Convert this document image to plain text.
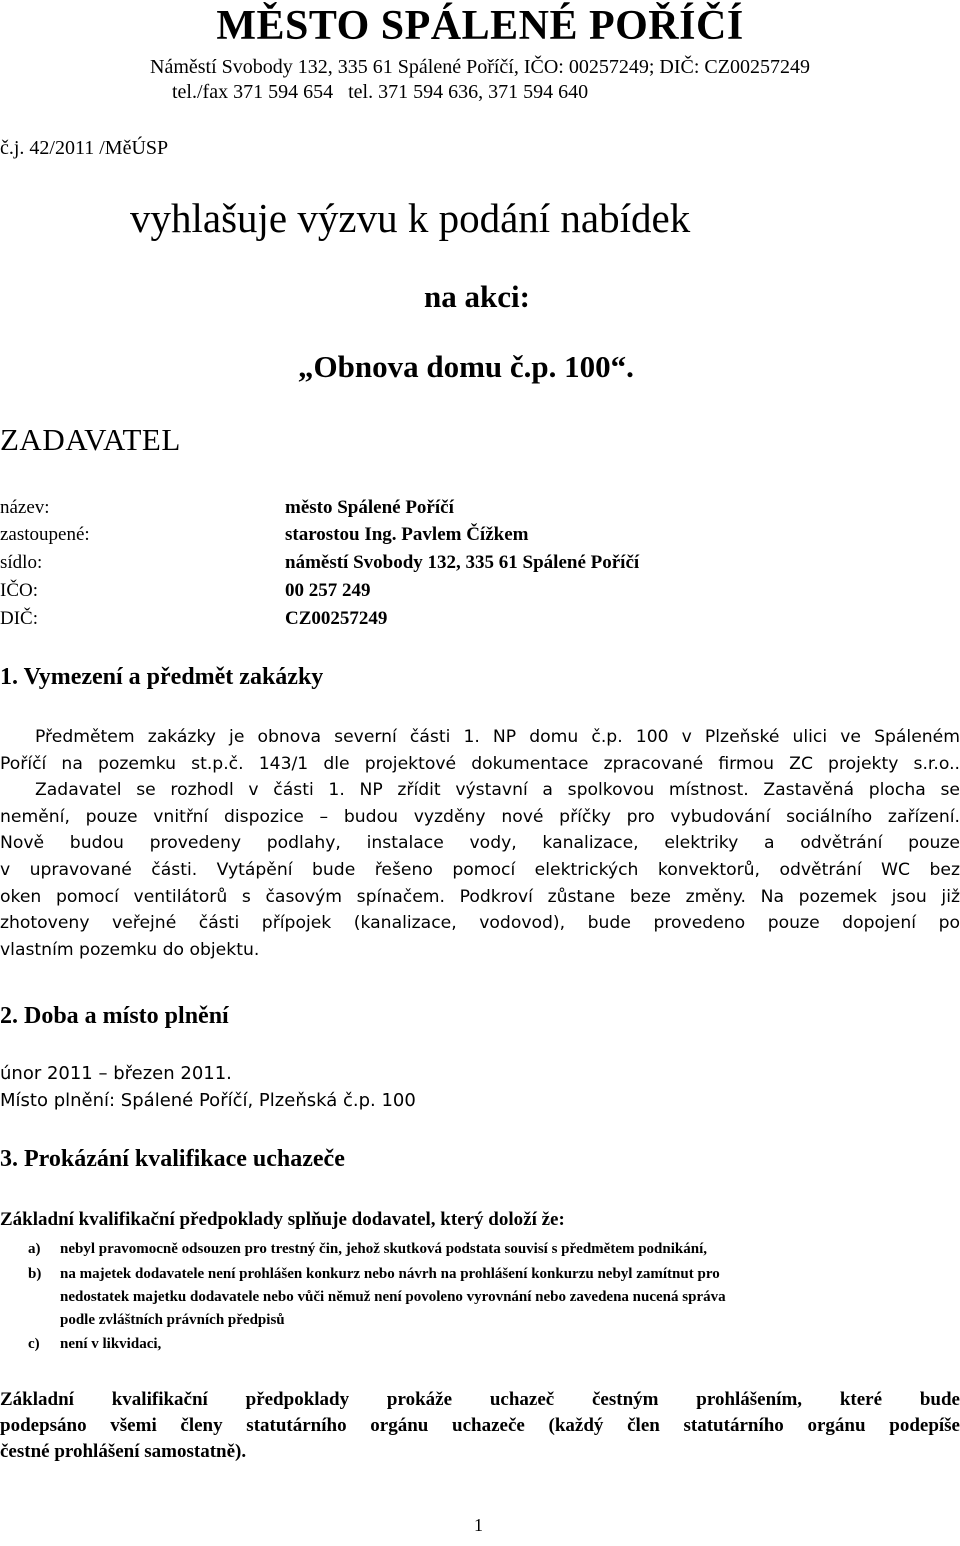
MĚSTO SPÁLENÉ POŘÍČÍ
Náměstí Svobody 132, 335 61 Spálené Poříčí, IČO: 00257249; DIČ: CZ00257249
tel./fax 371 594 654   tel. 371 594 636, 371 594 640
č.j. 42/2011 /MěÚSP
vyhlašuje výzvu k podání nabídek
na akci:
„Obnova domu č.p. 100“.
ZADAVATEL
název:	město Spálené Poříčí
zastoupené:	starostou Ing. Pavlem Čížkem
sídlo:	náměstí Svobody 132, 335 61 Spálené Poříčí
IČO:	00 257 249
DIČ:	CZ00257249
1. Vymezení a předmět zakázky
Předmětem zakázky je obnova severní části 1. NP domu č.p. 100 v Plzeňské ulici ve Spáleném
Poříčí na pozemku st.p.č. 143/1 dle projektové dokumentace zpracované firmou ZC projekty s.r.o..
Zadavatel se rozhodl v části 1. NP zřídit výstavní a spolkovou místnost. Zastavěná plocha se
nemění, pouze vnitřní dispozice – budou vyzděny nové příčky pro vybudování sociálního zařízení.
Nově budou provedeny podlahy, instalace vody, kanalizace, elektriky a odvětrání pouze
v upravované části. Vytápění bude řešeno pomocí elektrických konvektorů, odvětrání WC bez
oken pomocí ventilátorů s časovým spínačem. Podkroví zůstane beze změny. Na pozemek jsou již
zhotoveny veřejné části přípojek (kanalizace, vodovod), bude provedeno pouze dopojení po
vlastním pozemku do objektu.
2. Doba a místo plnění
únor 2011 – březen 2011.
Místo plnění: Spálené Poříčí, Plzeňská č.p. 100
3. Prokázání kvalifikace uchazeče
Základní kvalifikační předpoklady splňuje dodavatel, který doloží že:
a) nebyl pravomocně odsouzen pro trestný čin, jehož skutková podstata souvisí s předmětem podnikání,
b) na majetek dodavatele není prohlášen konkurz nebo návrh na prohlášení konkurzu nebyl zamítnut pro
nedostatek majetku dodavatele nebo vůči němuž není povoleno vyrovnání nebo zavedena nucená správa
podle zvláštních právních předpisů
c) není v likvidaci,
Základní kvalifikační předpoklady prokáže uchazeč čestným prohlášením, které bude
podepsáno všemi členy statutárního orgánu uchazeče (každý člen statutárního orgánu podepíše
čestné prohlášení samostatně).
1
